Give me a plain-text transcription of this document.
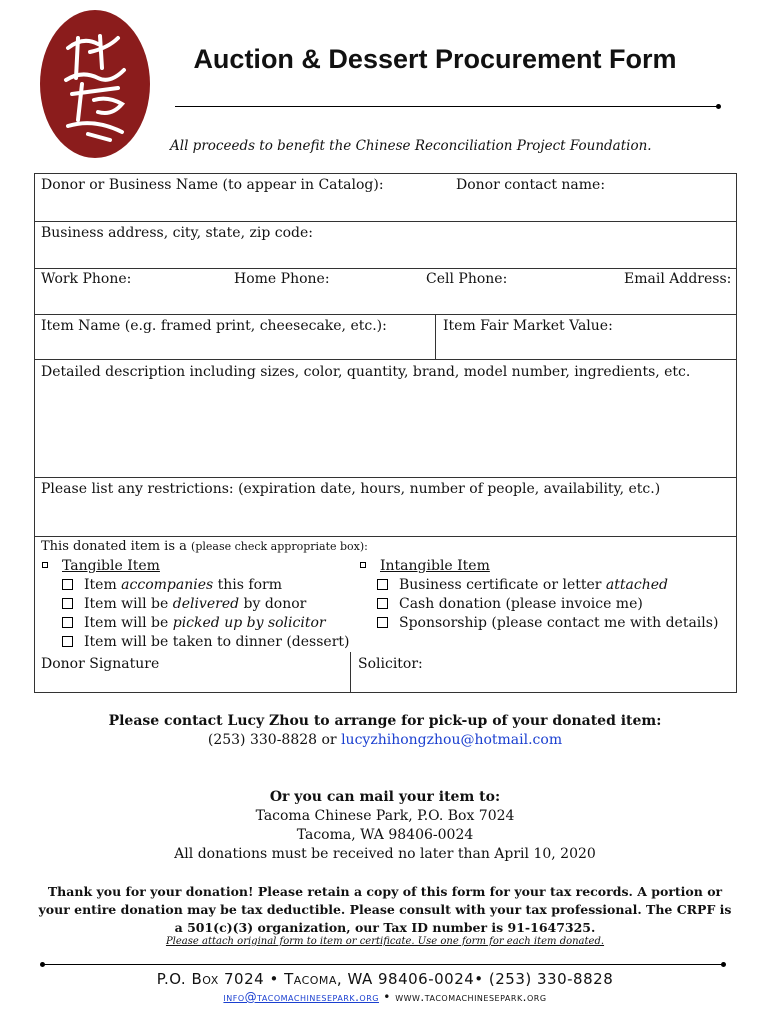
Auction & Dessert Procurement Form
All proceeds to benefit the Chinese Reconciliation Project Foundation.
Donor or Business Name (to appear in Catalog):	Donor contact name:
Business address, city, state, zip code:
Work Phone:	Home Phone:	Cell Phone:	Email Address:
Item Name (e.g. framed print, cheesecake, etc.):	Item Fair Market Value:
Detailed description including sizes, color, quantity, brand, model number, ingredients, etc.
Please list any restrictions: (expiration date, hours, number of people, availability, etc.)
This donated item is a (please check appropriate box):
Tangible Item
Item accompanies this form
Item will be delivered by donor
Item will be picked up by solicitor
Item will be taken to dinner (dessert)
Intangible Item
Business certificate or letter attached
Cash donation (please invoice me)
Sponsorship (please contact me with details)
Donor Signature	Solicitor:
Please contact Lucy Zhou to arrange for pick-up of your donated item:
(253) 330-8828 or lucyzhihongzhou@hotmail.com
Or you can mail your item to:
Tacoma Chinese Park, P.O. Box 7024
Tacoma, WA 98406-0024
All donations must be received no later than April 10, 2020
Thank you for your donation! Please retain a copy of this form for your tax records. A portion or
your entire donation may be tax deductible. Please consult with your tax professional. The CRPF is
a 501(c)(3) organization, our Tax ID number is 91-1647325.
Please attach original form to item or certificate. Use one form for each item donated.
P.O. Box 7024 • Tacoma, WA 98406-0024• (253) 330-8828
info@tacomachinesepark.org • www.tacomachinesepark.org
